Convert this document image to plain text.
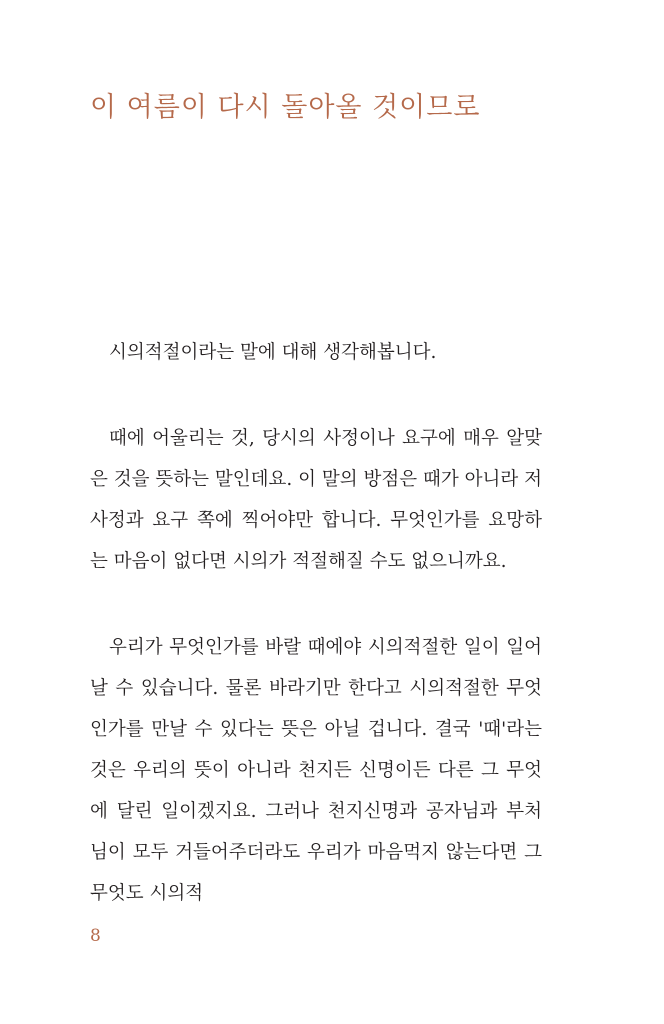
이 여름이 다시 돌아올 것이므로

시의적절이라는 말에 대해 생각해봅니다.

때에 어울리는 것, 당시의 사정이나 요구에 매우 알맞은 것을 뜻하는 말인데요. 이 말의 방점은 때가 아니라 저 사정과 요구 쪽에 찍어야만 합니다. 무엇인가를 요망하는 마음이 없다면 시의가 적절해질 수도 없으니까요.

우리가 무엇인가를 바랄 때에야 시의적절한 일이 일어날 수 있습니다. 물론 바라기만 한다고 시의적절한 무엇인가를 만날 수 있다는 뜻은 아닐 겁니다. 결국 '때'라는 것은 우리의 뜻이 아니라 천지든 신명이든 다른 그 무엇에 달린 일이겠지요. 그러나 천지신명과 공자님과 부처님이 모두 거들어주더라도 우리가 마음먹지 않는다면 그 무엇도 시의적

8
